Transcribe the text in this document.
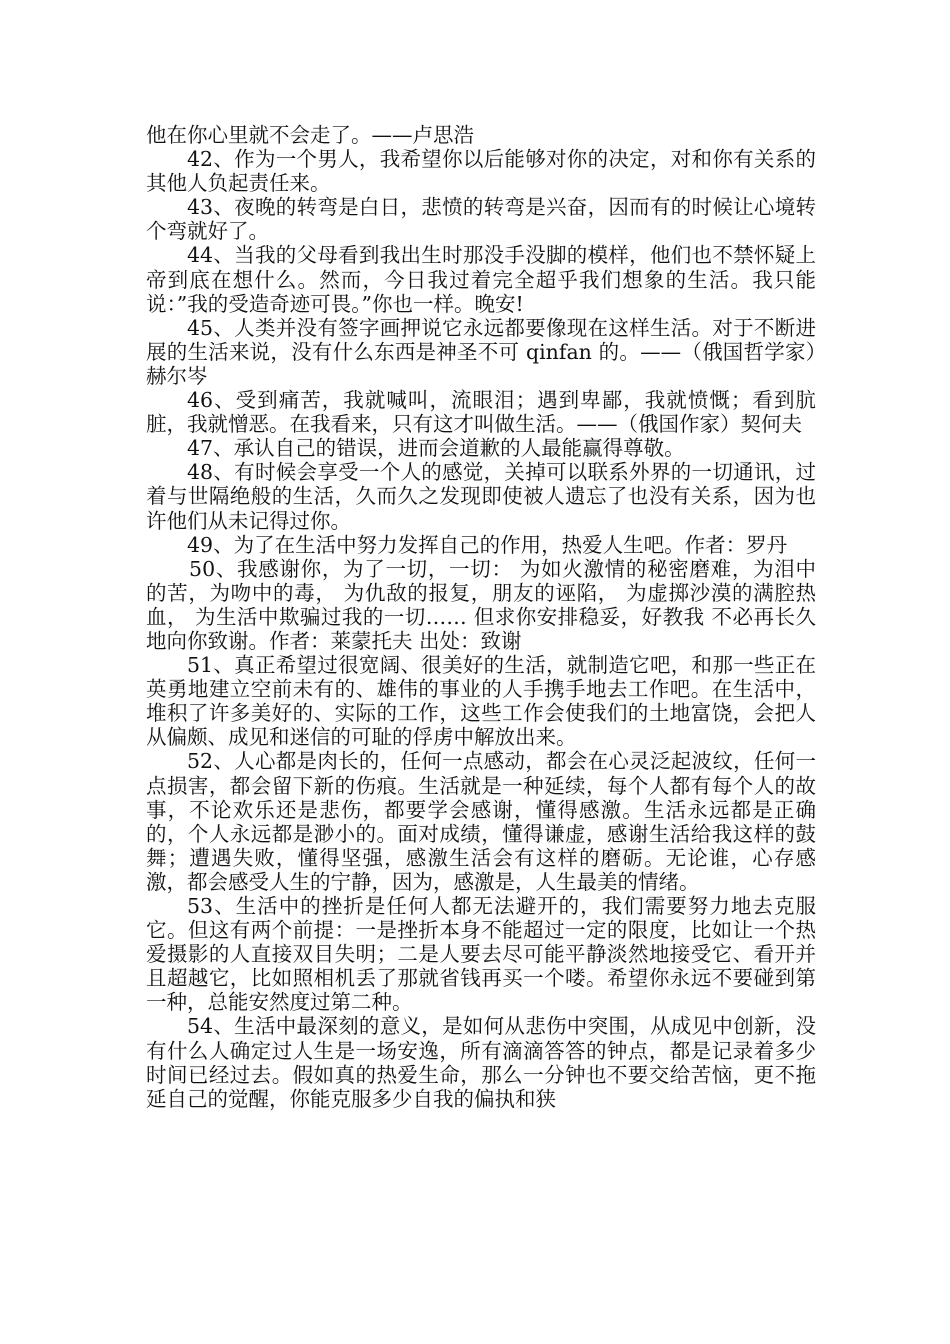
他在你心里就不会走了。——卢思浩

42、作为一个男人，我希望你以后能够对你的决定，对和你有关系的其他人负起责任来。

43、夜晚的转弯是白日，悲愤的转弯是兴奋，因而有的时候让心境转个弯就好了。

44、当我的父母看到我出生时那没手没脚的模样，他们也不禁怀疑上帝到底在想什么。然而，今日我过着完全超乎我们想象的生活。我只能说：”我的受造奇迹可畏。”你也一样。晚安!

45、人类并没有签字画押说它永远都要像现在这样生活。对于不断进展的生活来说，没有什么东西是神圣不可 qinfan 的。——（俄国哲学家）赫尔岑

46、受到痛苦，我就喊叫，流眼泪；遇到卑鄙，我就愤慨；看到肮脏，我就憎恶。在我看来，只有这才叫做生活。——（俄国作家）契何夫

47、承认自己的错误，进而会道歉的人最能赢得尊敬。

48、有时候会享受一个人的感觉，关掉可以联系外界的一切通讯，过着与世隔绝般的生活，久而久之发现即使被人遗忘了也没有关系，因为也许他们从未记得过你。

49、为了在生活中努力发挥自己的作用，热爱人生吧。作者：罗丹

50、我感谢你，为了一切，一切： 为如火激情的秘密磨难，为泪中的苦，为吻中的毒， 为仇敌的报复，朋友的诬陷， 为虚掷沙漠的满腔热血， 为生活中欺骗过我的一切…… 但求你安排稳妥，好教我 不必再长久地向你致谢。作者：莱蒙托夫 出处：致谢

51、真正希望过很宽阔、很美好的生活，就制造它吧，和那一些正在英勇地建立空前未有的、雄伟的事业的人手携手地去工作吧。在生活中，堆积了许多美好的、实际的工作，这些工作会使我们的土地富饶，会把人从偏颇、成见和迷信的可耻的俘虏中解放出来。

52、人心都是肉长的，任何一点感动，都会在心灵泛起波纹，任何一点损害，都会留下新的伤痕。生活就是一种延续，每个人都有每个人的故事，不论欢乐还是悲伤，都要学会感谢，懂得感激。生活永远都是正确的，个人永远都是渺小的。面对成绩，懂得谦虚，感谢生活给我这样的鼓舞；遭遇失败，懂得坚强，感激生活会有这样的磨砺。无论谁，心存感激，都会感受人生的宁静，因为，感激是，人生最美的情绪。

53、生活中的挫折是任何人都无法避开的，我们需要努力地去克服它。但这有两个前提：一是挫折本身不能超过一定的限度，比如让一个热爱摄影的人直接双目失明；二是人要去尽可能平静淡然地接受它、看开并且超越它，比如照相机丢了那就省钱再买一个喽。希望你永远不要碰到第一种，总能安然度过第二种。

54、生活中最深刻的意义，是如何从悲伤中突围，从成见中创新，没有什么人确定过人生是一场安逸，所有滴滴答答的钟点，都是记录着多少时间已经过去。假如真的热爱生命，那么一分钟也不要交给苦恼，更不拖延自己的觉醒，你能克服多少自我的偏执和狭
